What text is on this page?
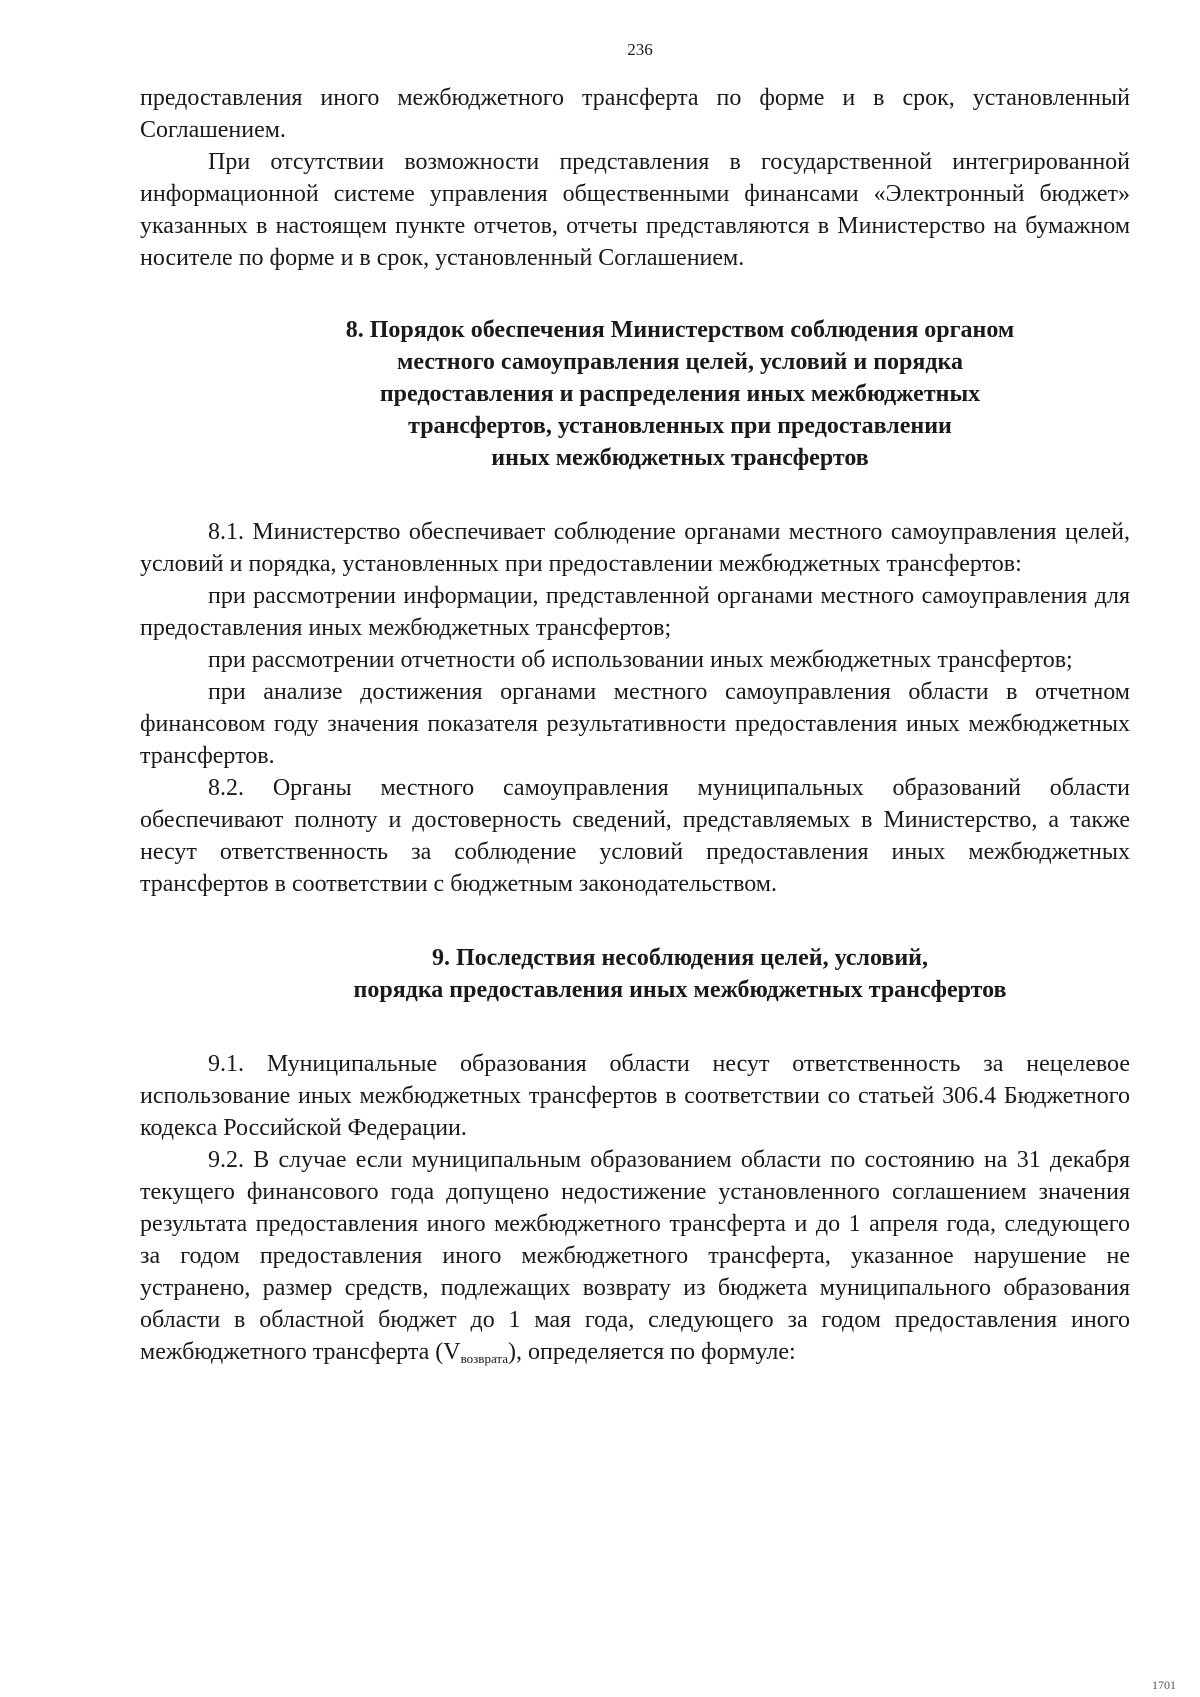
236

предоставления иного межбюджетного трансферта по форме и в срок, установленный Соглашением.

При отсутствии возможности представления в государственной интегрированной информационной системе управления общественными финансами «Электронный бюджет» указанных в настоящем пункте отчетов, отчеты представляются в Министерство на бумажном носителе по форме и в срок, установленный Соглашением.

8. Порядок обеспечения Министерством соблюдения органом
местного самоуправления целей, условий и порядка
предоставления и распределения иных межбюджетных
трансфертов, установленных при предоставлении
иных межбюджетных трансфертов

8.1. Министерство обеспечивает соблюдение органами местного самоуправления целей, условий и порядка, установленных при предоставлении межбюджетных трансфертов:

при рассмотрении информации, представленной органами местного самоуправления для предоставления иных межбюджетных трансфертов;

при рассмотрении отчетности об использовании иных межбюджетных трансфертов;

при анализе достижения органами местного самоуправления области в отчетном финансовом году значения показателя результативности предоставления иных межбюджетных трансфертов.

8.2. Органы местного самоуправления муниципальных образований области обеспечивают полноту и достоверность сведений, представляемых в Министерство, а также несут ответственность за соблюдение условий предоставления иных межбюджетных трансфертов в соответствии с бюджетным законодательством.

9. Последствия несоблюдения целей, условий,
порядка предоставления иных межбюджетных трансфертов

9.1. Муниципальные образования области несут ответственность за нецелевое использование иных межбюджетных трансфертов в соответствии со статьей 306.4 Бюджетного кодекса Российской Федерации.

9.2. В случае если муниципальным образованием области по состоянию на 31 декабря текущего финансового года допущено недостижение установленного соглашением значения результата предоставления иного межбюджетного трансферта и до 1 апреля года, следующего за годом предоставления иного межбюджетного трансферта, указанное нарушение не устранено, размер средств, подлежащих возврату из бюджета муниципального образования области в областной бюджет до 1 мая года, следующего за годом предоставления иного межбюджетного трансферта $(V_{возврата})$, определяется по формуле:

1701
